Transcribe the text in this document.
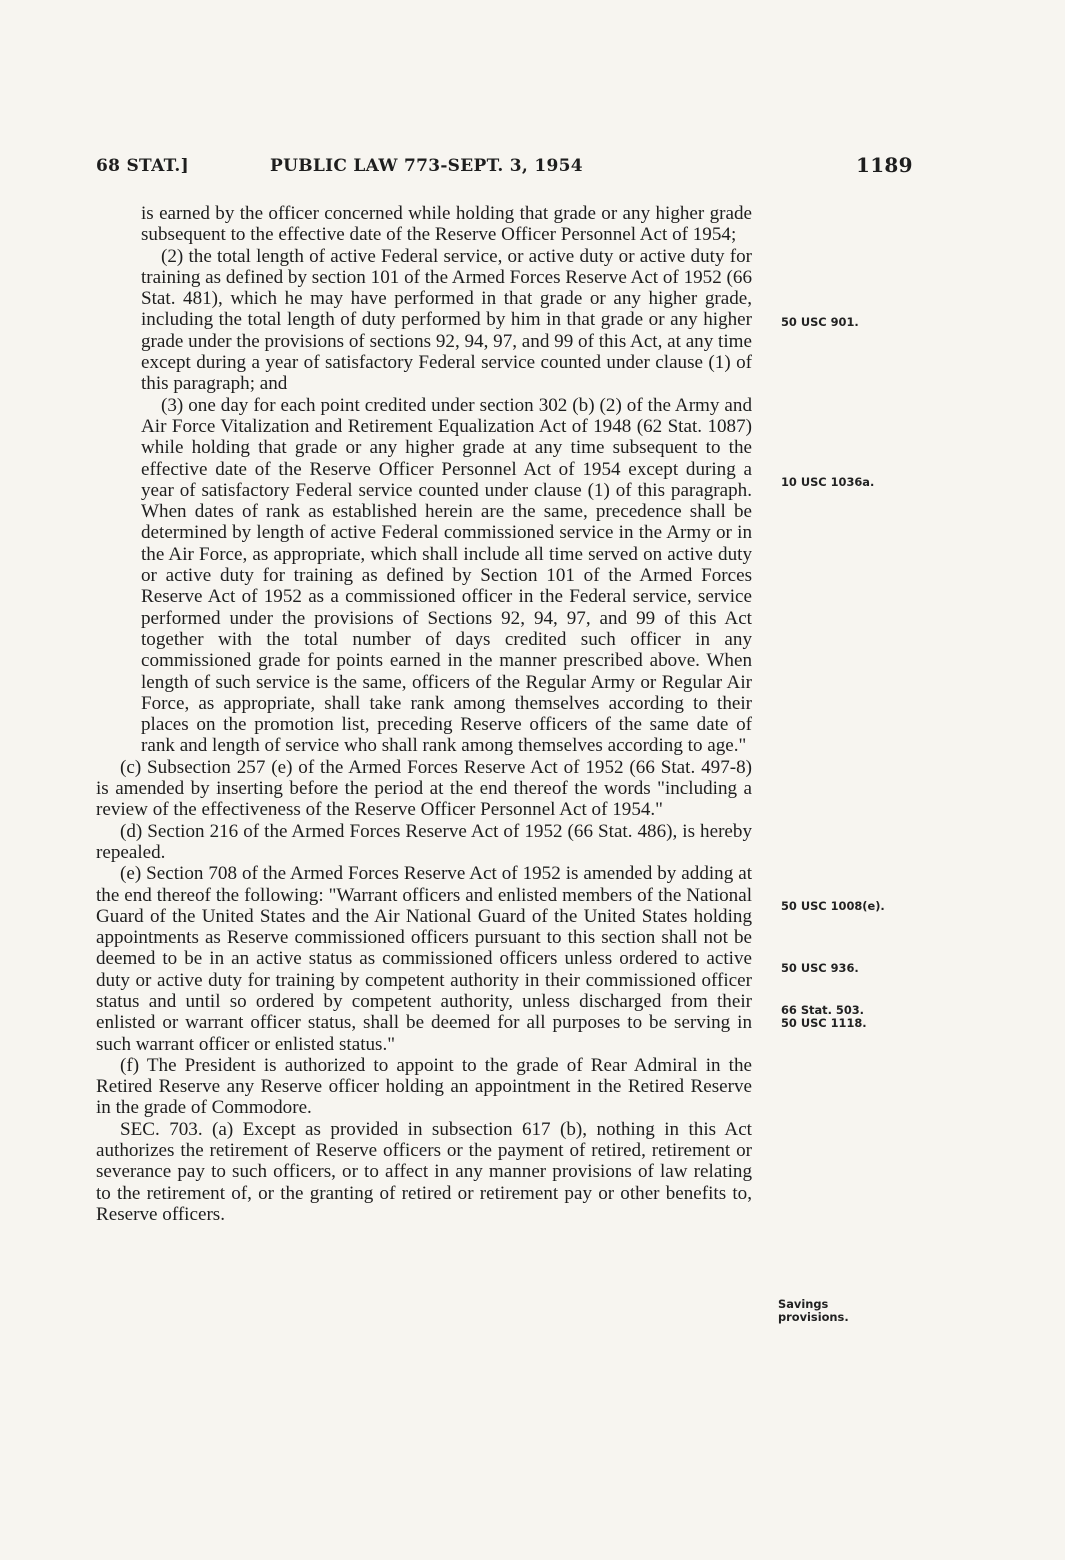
68 STAT.]	PUBLIC LAW 773-SEPT. 3, 1954	1189

is earned by the officer concerned while holding that grade or any higher grade subsequent to the effective date of the Reserve Officer Personnel Act of 1954;

(2) the total length of active Federal service, or active duty or active duty for training as defined by section 101 of the Armed Forces Reserve Act of 1952 (66 Stat. 481), which he may have performed in that grade or any higher grade, including the total length of duty performed by him in that grade or any higher grade under the provisions of sections 92, 94, 97, and 99 of this Act, at any time except during a year of satisfactory Federal service counted under clause (1) of this paragraph; and

(3) one day for each point credited under section 302 (b) (2) of the Army and Air Force Vitalization and Retirement Equalization Act of 1948 (62 Stat. 1087) while holding that grade or any higher grade at any time subsequent to the effective date of the Reserve Officer Personnel Act of 1954 except during a year of satisfactory Federal service counted under clause (1) of this paragraph. When dates of rank as established herein are the same, precedence shall be determined by length of active Federal commissioned service in the Army or in the Air Force, as appropriate, which shall include all time served on active duty or active duty for training as defined by Section 101 of the Armed Forces Reserve Act of 1952 as a commissioned officer in the Federal service, service performed under the provisions of Sections 92, 94, 97, and 99 of this Act together with the total number of days credited such officer in any commissioned grade for points earned in the manner prescribed above. When length of such service is the same, officers of the Regular Army or Regular Air Force, as appropriate, shall take rank among themselves according to their places on the promotion list, preceding Reserve officers of the same date of rank and length of service who shall rank among themselves according to age."

(c) Subsection 257 (e) of the Armed Forces Reserve Act of 1952 (66 Stat. 497-8) is amended by inserting before the period at the end thereof the words "including a review of the effectiveness of the Reserve Officer Personnel Act of 1954."

(d) Section 216 of the Armed Forces Reserve Act of 1952 (66 Stat. 486), is hereby repealed.

(e) Section 708 of the Armed Forces Reserve Act of 1952 is amended by adding at the end thereof the following: "Warrant officers and enlisted members of the National Guard of the United States and the Air National Guard of the United States holding appointments as Reserve commissioned officers pursuant to this section shall not be deemed to be in an active status as commissioned officers unless ordered to active duty or active duty for training by competent authority in their commissioned officer status and until so ordered by competent authority, unless discharged from their enlisted or warrant officer status, shall be deemed for all purposes to be serving in such warrant officer or enlisted status."

(f) The President is authorized to appoint to the grade of Rear Admiral in the Retired Reserve any Reserve officer holding an appointment in the Retired Reserve in the grade of Commodore.

SEC. 703. (a) Except as provided in subsection 617 (b), nothing in this Act authorizes the retirement of Reserve officers or the payment of retired, retirement or severance pay to such officers, or to affect in any manner provisions of law relating to the retirement of, or the granting of retired or retirement pay or other benefits to, Reserve officers.

50 USC 901.
10 USC 1036a.
50 USC 1008(e).
50 USC 936.
66 Stat. 503.
50 USC 1118.
Savings provisions.
